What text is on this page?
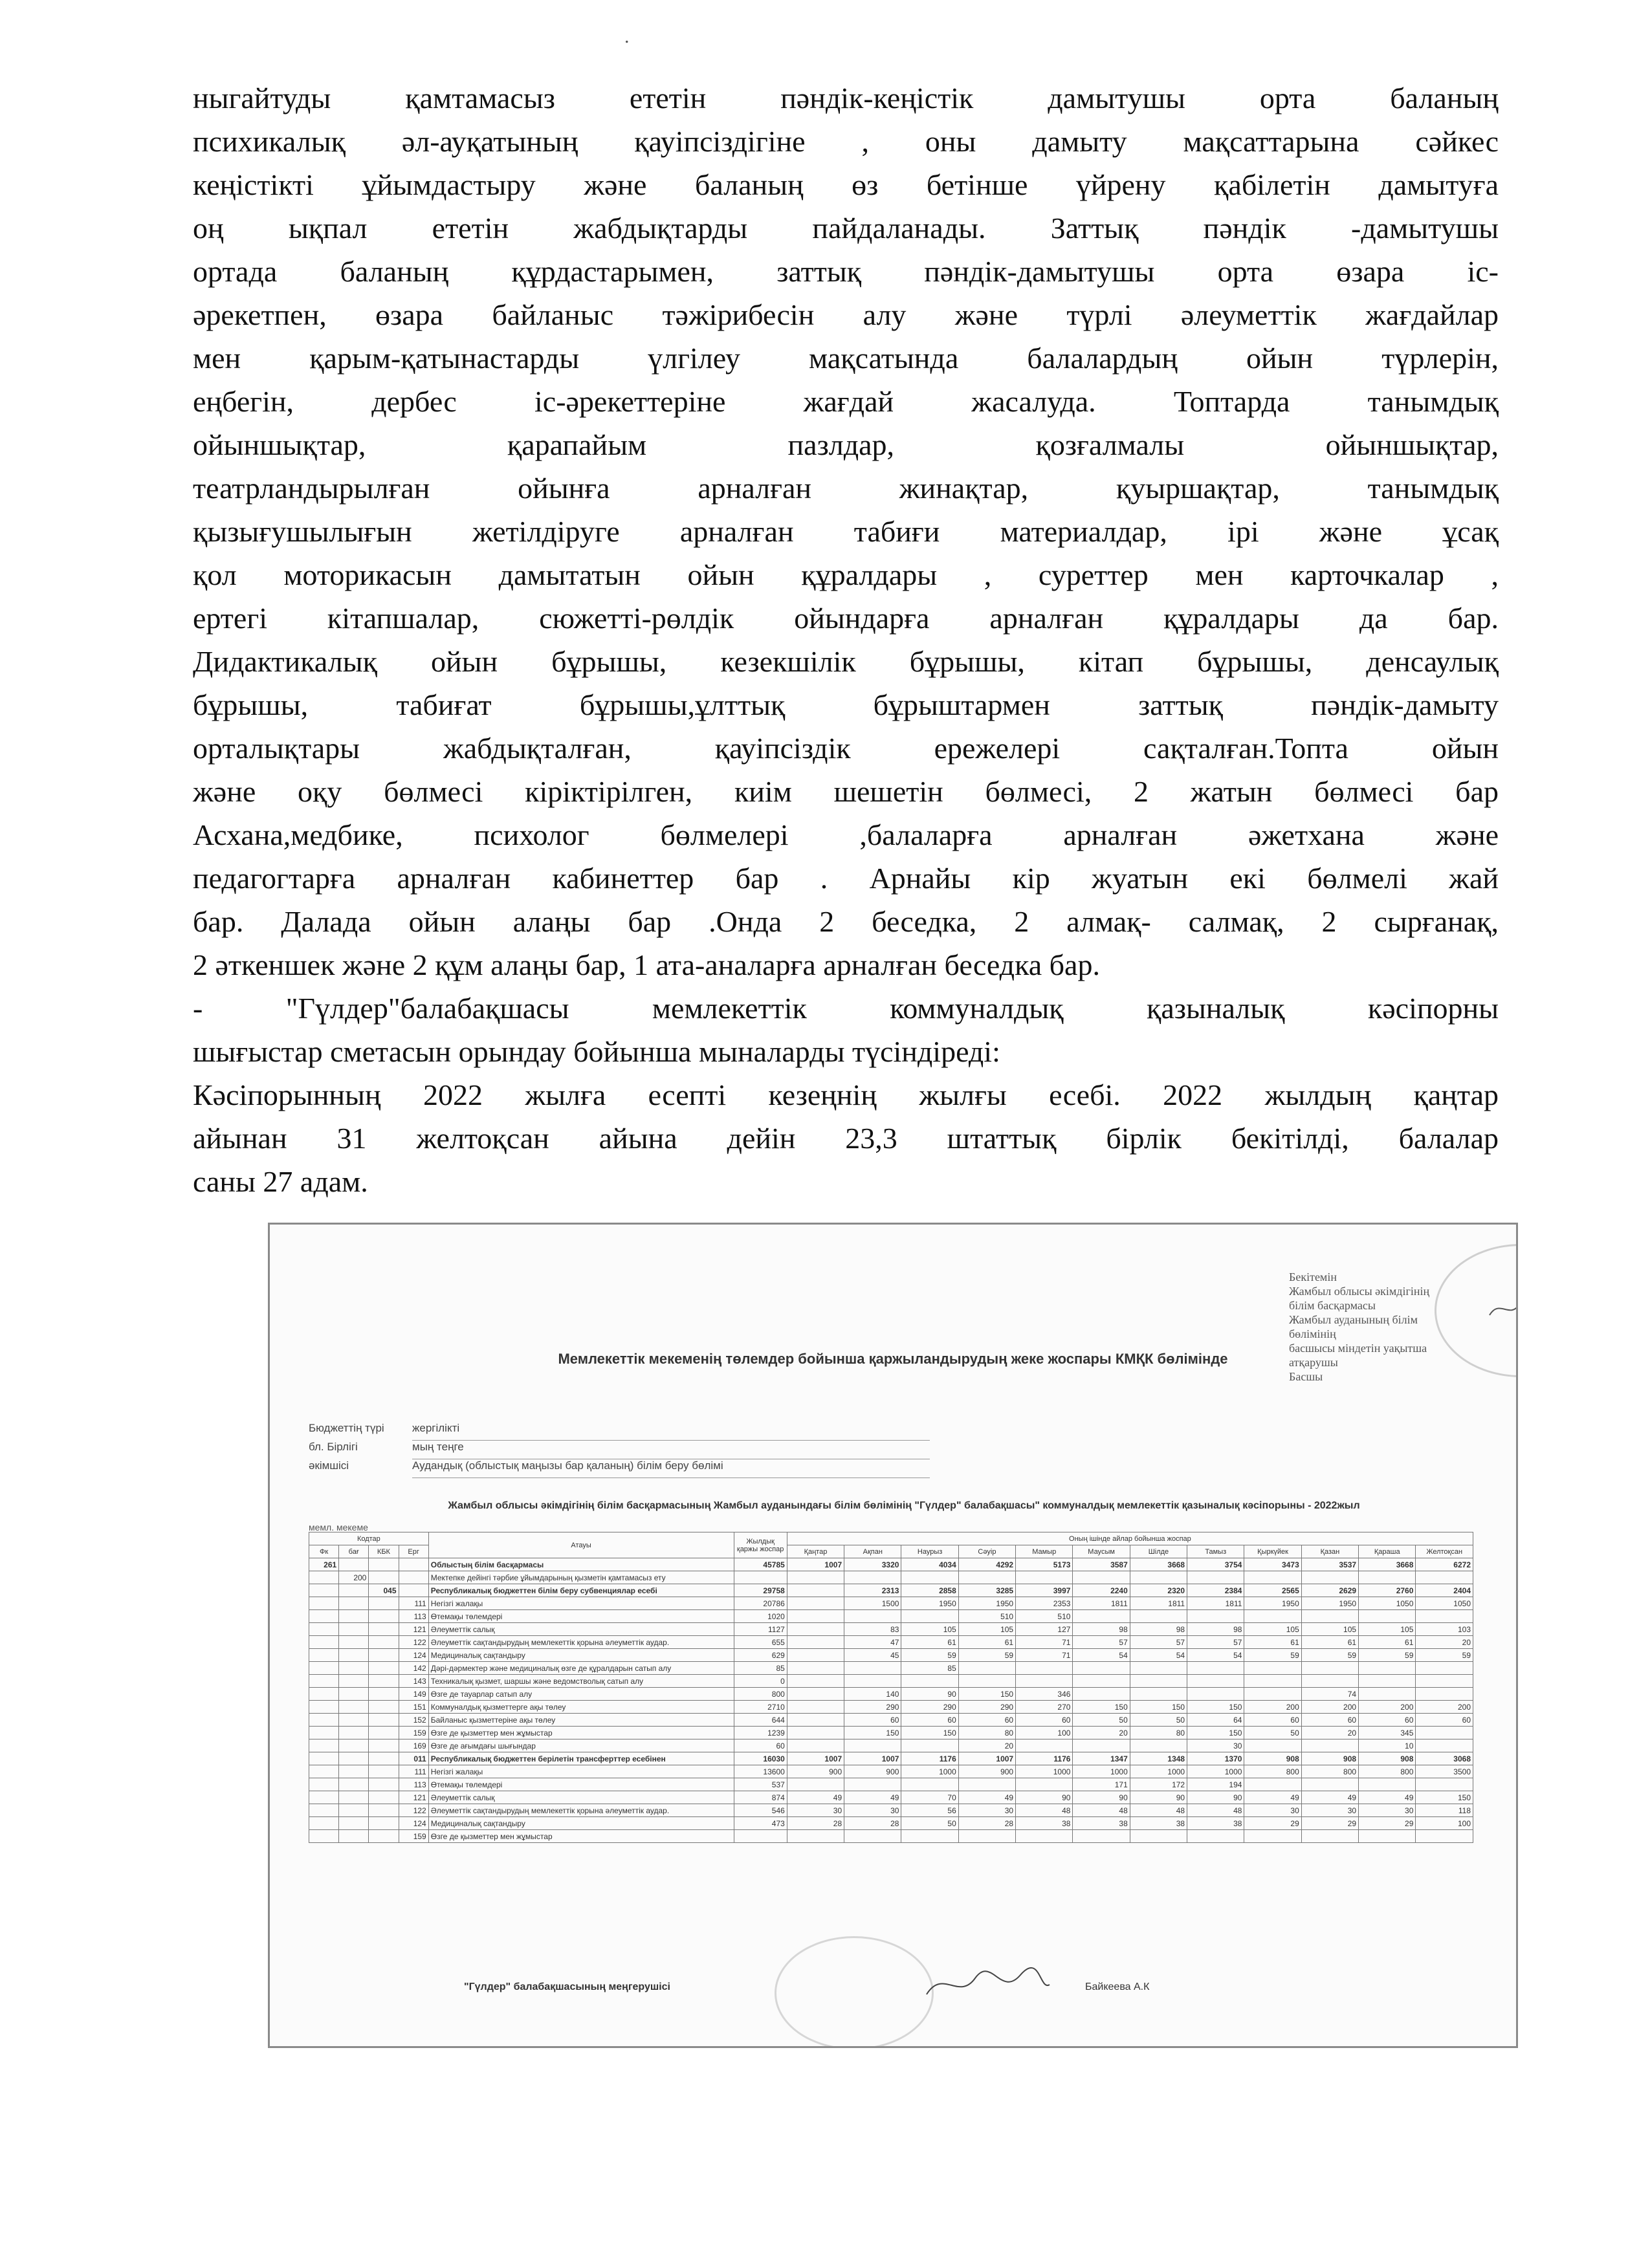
.

ныгайтуды қамтамасыз ететін пәндік-кеңістік дамытушы орта баланың

психикалық әл-ауқатының қауіпсіздігіне , оны дамыту мақсаттарына сәйкес

кеңістікті ұйымдастыру және баланың өз бетінше үйрену қабілетін дамытуға

оң ықпал ететін жабдықтарды пайдаланады. Заттық пәндік -дамытушы

ортада баланың құрдастарымен, заттық пәндік-дамытушы орта өзара іс-

әрекетпен, өзара байланыс тәжірибесін алу және түрлі әлеуметтік жағдайлар

мен қарым-қатынастарды үлгілеу мақсатында балалардың ойын түрлерін,

еңбегін, дербес іс-әрекеттеріне жағдай жасалуда. Топтарда танымдық

ойыншықтар, қарапайым пазлдар, қозғалмалы ойыншықтар,

театрландырылған ойынға арналған жинақтар, қуыршақтар, танымдық

қызығушылығын жетілдіруге арналған табиғи материалдар, ірі және ұсақ

қол моторикасын дамытатын ойын құралдары , суреттер мен карточкалар ,

ертегі кітапшалар, сюжетті-рөлдік ойындарға арналған құралдары да бар.

Дидактикалық ойын бұрышы, кезекшілік бұрышы, кітап бұрышы, денсаулық

бұрышы, табиғат бұрышы,ұлттық бұрыштармен заттық пәндік-дамыту

орталықтары жабдықталған, қауіпсіздік ережелері сақталған.Топта ойын

және оқу бөлмесі кіріктірілген, киім шешетін бөлмесі, 2 жатын бөлмесі бар

Асхана,медбике, психолог бөлмелері ,балаларға арналған әжетхана және

педагогтарға арналған кабинеттер бар . Арнайы кір жуатын екі бөлмелі жай

бар. Далада ойын алаңы бар .Онда 2 беседка, 2 алмақ- салмақ, 2 сырғанақ,

2 әткеншек және 2 құм алаңы бар, 1 ата-аналарға арналған беседка бар.

- "Гүлдер"балабақшасы мемлекеттік коммуналдық қазыналық кәсіпорны

шығыстар сметасын орындау бойынша мыналарды түсіндіреді:

Кәсіпорынның 2022 жылға есепті кезеңнің жылғы есебі. 2022 жылдың қаңтар

айынан 31 желтоқсан айына дейін 23,3 штаттық бірлік бекітілді, балалар

саны 27 адам.

Бекітемін
Жамбыл облысы әкімдігінің білім басқармасы
Жамбыл ауданының білім бөлімінің
басшысы міндетін уақытша атқарушы
Басшы
Мемлекеттік мекеменің төлемдер бойынша қаржыландырудың жеке жоспары КМҚК бөлімінде
Бюджеттің түрі	жергілікті
бл. Бірлігі	мың теңге
әкімшісі	Аудандық (облыстық маңызы бар қаланың) білім беру бөлімі
Жамбыл облысы әкімдігінің білім басқармасының Жамбыл ауданындағы білім бөлімінің "Гүлдер" балабақшасы" коммуналдық мемлекеттік қазыналық кәсіпорыны - 2022жыл
мемл. мекеме
Кодтар				Атауы	Жылдық қаржы жоспар	Оның ішінде айлар бойынша жоспар											
Фк	бағ	КБК	Ерг			Қаңтар	Ақпан	Наурыз	Сәуір	Мамыр	Маусым	Шілде	Тамыз	Қыркүйек	Қазан	Қараша	Желтоқсан
261				Облыстың білім басқармасы	45785	1007	3320	4034	4292	5173	3587	3668	3754	3473	3537	3668	6272
	200			Мектепке дейінгі тәрбие ұйымдарының қызметін қамтамасыз ету													
		045		Республикалық бюджеттен білім беру субвенциялар есебі	29758		2313	2858	3285	3997	2240	2320	2384	2565	2629	2760	2404
			111	Негізгі жалақы	20786		1500	1950	1950	2353	1811	1811	1811	1950	1950	1050	1050
			113	Өтемақы төлемдері	1020				510	510							
			121	Әлеуметтік салық	1127		83	105	105	127	98	98	98	105	105	105	103
			122	Әлеуметтік сақтандырудың мемлекеттік қорына әлеуметтік аудар.	655		47	61	61	71	57	57	57	61	61	61	20
			124	Медициналық сақтандыру	629		45	59	59	71	54	54	54	59	59	59	59
			142	Дәрі-дәрмектер және медициналық өзге де құралдарын сатып алу	85			85									
			143	Техникалық қызмет, шаршы және ведомстволық сатып алу	0												
			149	Өзге де тауарлар сатып алу	800		140	90	150	346					74		
			151	Коммуналдық қызметтерге ақы төлеу	2710		290	290	290	270	150	150	150	200	200	200	200
			152	Байланыс қызметтеріне ақы төлеу	644		60	60	60	60	50	50	64	60	60	60	60
			159	Өзге де қызметтер мен жұмыстар	1239		150	150	80	100	20	80	150	50	20	345	
			169	Өзге де ағымдағы шығындар	60				20				30			10	
			011	Республикалық бюджеттен берілетін трансферттер есебінен	16030	1007	1007	1176	1007	1176	1347	1348	1370	908	908	908	3068
			111	Негізгі жалақы	13600	900	900	1000	900	1000	1000	1000	1000	800	800	800	3500
			113	Өтемақы төлемдері	537						171	172	194				
			121	Әлеуметтік салық	874	49	49	70	49	90	90	90	90	49	49	49	150
			122	Әлеуметтік сақтандырудың мемлекеттік қорына әлеуметтік аудар.	546	30	30	56	30	48	48	48	48	30	30	30	118
			124	Медициналық сақтандыру	473	28	28	50	28	38	38	38	38	29	29	29	100
			159	Өзге де қызметтер мен жұмыстар													
"Гүлдер" балабақшасының меңгерушісі	Байкеева А.К
